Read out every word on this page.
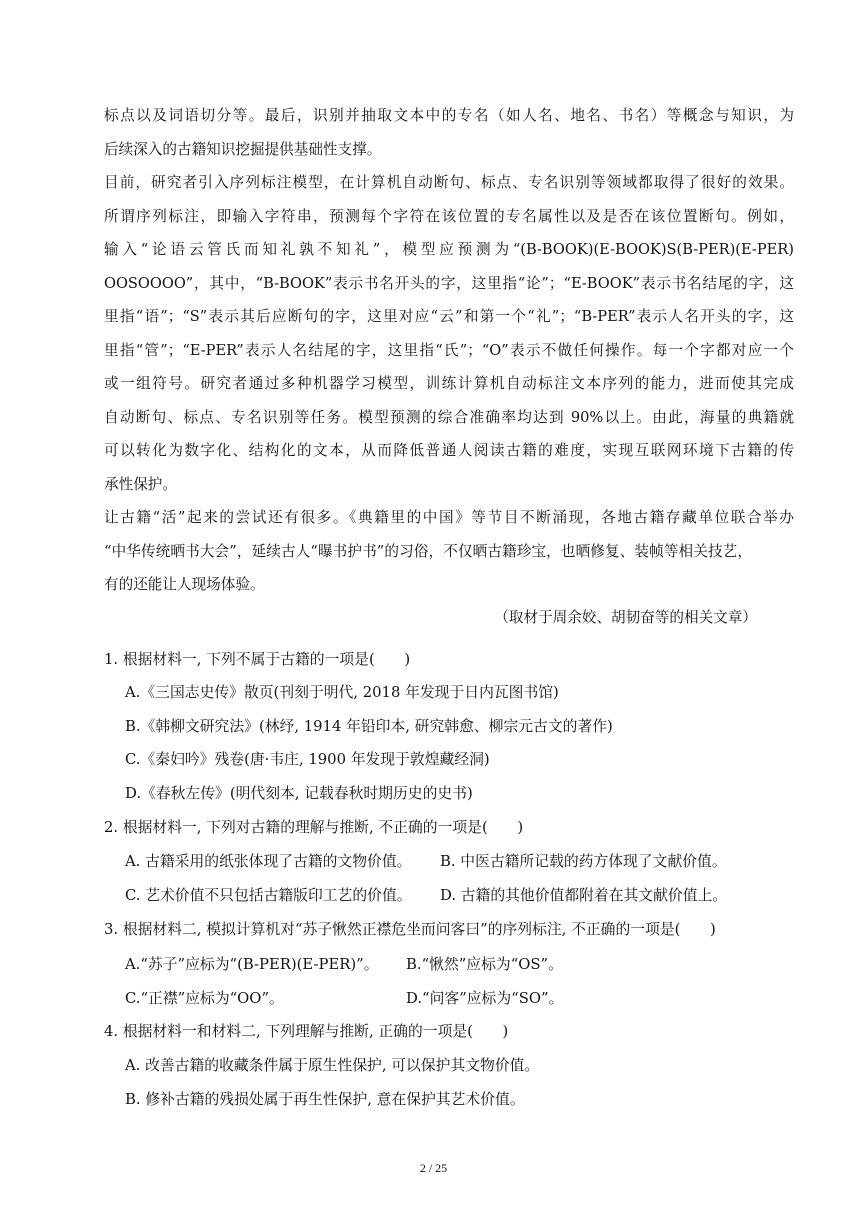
标点以及词语切分等。最后，识别并抽取文本中的专名（如人名、地名、书名）等概念与知识，为
后续深入的古籍知识挖掘提供基础性支撑。
目前，研究者引入序列标注模型，在计算机自动断句、标点、专名识别等领域都取得了很好的效果。
所谓序列标注，即输入字符串，预测每个字符在该位置的专名属性以及是否在该位置断句。例如，
输入“论语云管氏而知礼孰不知礼”，模型应预测为“(B-BOOK)(E-BOOK)S(B-PER)(E-PER)
OOSOOOO”，其中，“B-BOOK”表示书名开头的字，这里指“论”；“E-BOOK”表示书名结尾的字，这
里指“语”；“S”表示其后应断句的字，这里对应“云”和第一个“礼”；“B-PER”表示人名开头的字，这
里指“管”；“E-PER”表示人名结尾的字，这里指“氏”；“O”表示不做任何操作。每一个字都对应一个
或一组符号。研究者通过多种机器学习模型，训练计算机自动标注文本序列的能力，进而使其完成
自动断句、标点、专名识别等任务。模型预测的综合准确率均达到 90%以上。由此，海量的典籍就
可以转化为数字化、结构化的文本，从而降低普通人阅读古籍的难度，实现互联网环境下古籍的传
承性保护。
让古籍“活”起来的尝试还有很多。《典籍里的中国》等节目不断涌现，各地古籍存藏单位联合举办
“中华传统晒书大会”，延续古人“曝书护书”的习俗，不仅晒古籍珍宝，也晒修复、装帧等相关技艺，
有的还能让人现场体验。
（取材于周余姣、胡韧奋等的相关文章）
1. 根据材料一, 下列不属于古籍的一项是(　　)
A.《三国志史传》散页(刊刻于明代, 2018 年发现于日内瓦图书馆)
B.《韩柳文研究法》(林纾, 1914 年铅印本, 研究韩愈、柳宗元古文的著作)
C.《秦妇吟》残卷(唐·韦庄, 1900 年发现于敦煌藏经洞)
D.《春秋左传》(明代刻本, 记载春秋时期历史的史书)
2. 根据材料一, 下列对古籍的理解与推断, 不正确的一项是(　　)
A. 古籍采用的纸张体现了古籍的文物价值。 B. 中医古籍所记载的药方体现了文献价值。
C. 艺术价值不只包括古籍版印工艺的价值。 D. 古籍的其他价值都附着在其文献价值上。
3. 根据材料二, 模拟计算机对“苏子愀然正襟危坐而问客曰”的序列标注, 不正确的一项是(　　)
A.“苏子”应标为“(B-PER)(E-PER)”。 B.“愀然”应标为“OS”。
C.“正襟”应标为“OO”。	D.“问客”应标为“SO”。
4. 根据材料一和材料二, 下列理解与推断, 正确的一项是(　　)
A. 改善古籍的收藏条件属于原生性保护, 可以保护其文物价值。
B. 修补古籍的残损处属于再生性保护, 意在保护其艺术价值。
2 / 25
